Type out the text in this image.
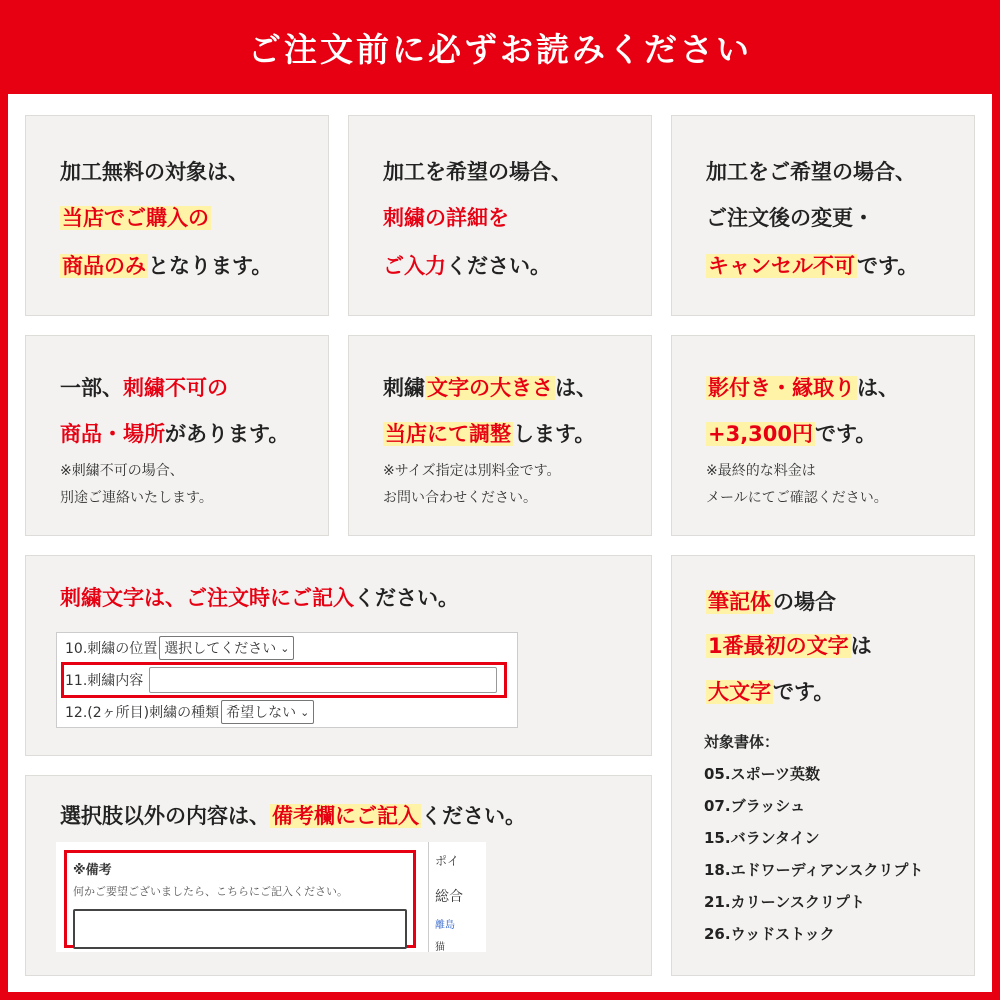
ご注文前に必ずお読みください
加工無料の対象は、
当店でご購入の
商品のみとなります。
加工を希望の場合、
刺繍の詳細を
ご入力ください。
加工をご希望の場合、
ご注文後の変更・
キャンセル不可です。
一部、刺繍不可の
商品・場所があります。
※刺繍不可の場合、
別途ご連絡いたします。
刺繍文字の大きさは、
当店にて調整します。
※サイズ指定は別料金です。
お問い合わせください。
影付き・縁取りは、
+3,300円です。
※最終的な料金は
メールにてご確認ください。
刺繍文字は、ご注文時にご記入ください。
10.刺繍の位置 選択してください ⌄
11.刺繍内容
12.(2ヶ所目)刺繍の種類 希望しない ⌄
選択肢以外の内容は、備考欄にご記入ください。
※備考
何かご要望ございましたら、こちらにご記入ください。
ポイ
総合
離島
猫
筆記体の場合
1番最初の文字は
大文字です。
対象書体：
05.スポーツ英数
07.ブラッシュ
15.バランタイン
18.エドワーディアンスクリプト
21.カリーンスクリプト
26.ウッドストック
